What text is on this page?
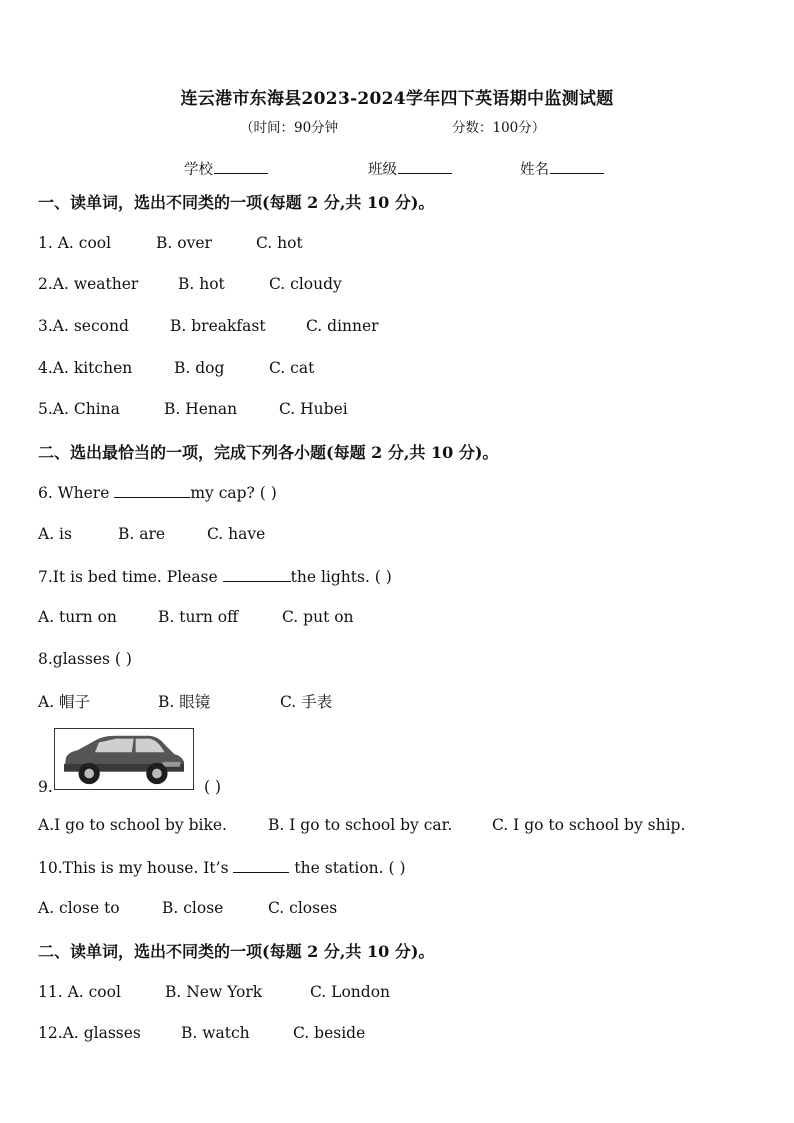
连云港市东海县2023-2024学年四下英语期中监测试题
（时间：90分钟	分数：100分）
学校	班级	姓名
一、读单词，选出不同类的一项(每题 2 分,共 10 分)。
1. A. cool	B. over	C. hot
2.A. weather	B. hot	C. cloudy
3.A. second	B. breakfast	C. dinner
4.A. kitchen	B. dog	C. cat
5.A. China	B. Henan	C. Hubei
二、选出最恰当的一项，完成下列各小题(每题 2 分,共 10 分)。
6. Where	my cap? ( )
A. is	B. are	C. have
7.It is bed time. Please	the lights. ( )
A. turn on	B. turn off	C. put on
8.glasses ( )
A. 帽子	B. 眼镜	C. 手表
9.	( )
A.I go to school by bike.	B. I go to school by car.	C. I go to school by ship.
10.This is my house. It’s	the station. ( )
A. close to	B. close	C. closes
二、读单词，选出不同类的一项(每题 2 分,共 10 分)。
11. A. cool	B. New York	C. London
12.A. glasses	B. watch	C. beside
